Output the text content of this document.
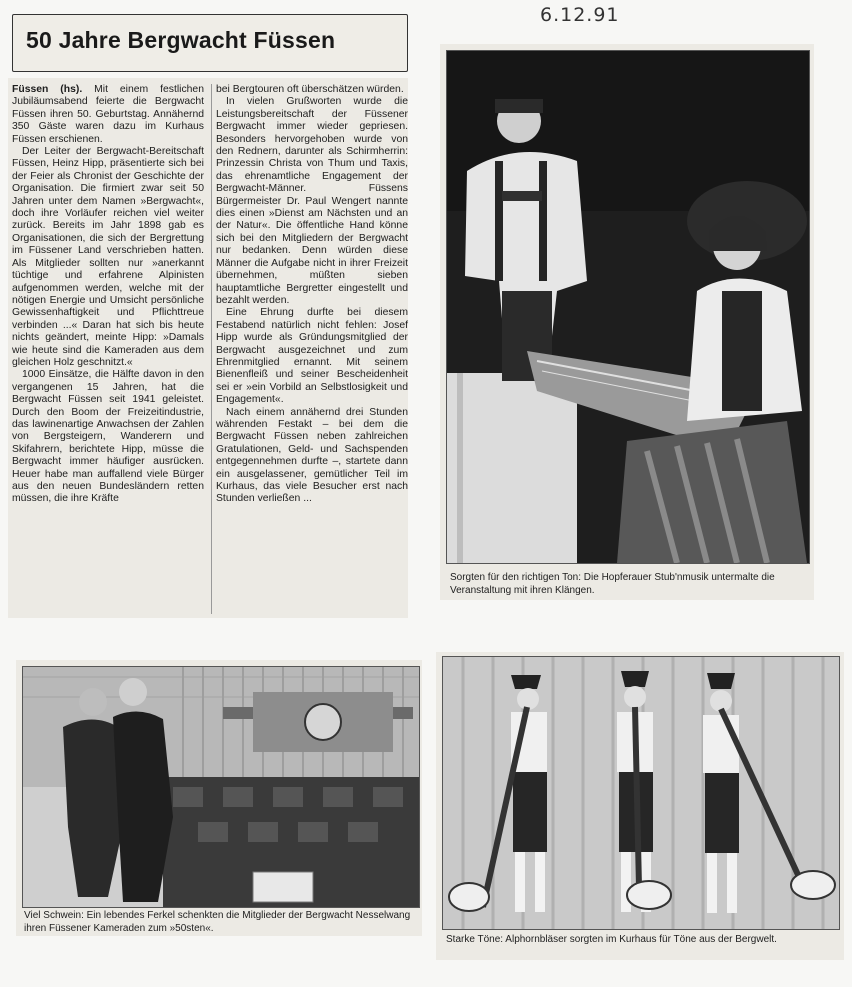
6.12.91
50 Jahre Bergwacht Füssen

Füssen (hs). Mit einem festlichen Jubiläumsabend feierte die Bergwacht Füssen ihren 50. Geburtstag. Annähernd 350 Gäste waren dazu im Kurhaus Füssen erschienen.

Der Leiter der Bergwacht-Bereitschaft Füssen, Heinz Hipp, präsentierte sich bei der Feier als Chronist der Geschichte der Organisation. Die firmiert zwar seit 50 Jahren unter dem Namen »Bergwacht«, doch ihre Vorläufer reichen viel weiter zurück. Bereits im Jahr 1898 gab es Organisationen, die sich der Bergrettung im Füssener Land verschrieben hatten. Als Mitglieder sollten nur »anerkannt tüchtige und erfahrene Alpinisten aufgenommen werden, welche mit der nötigen Energie und Umsicht persönliche Gewissenhaftigkeit und Pflichttreue verbinden ...« Daran hat sich bis heute nichts geändert, meinte Hipp: »Damals wie heute sind die Kameraden aus dem gleichen Holz geschnitzt.«

1000 Einsätze, die Hälfte davon in den vergangenen 15 Jahren, hat die Bergwacht Füssen seit 1941 geleistet. Durch den Boom der Freizeitindustrie, das lawinenartige Anwachsen der Zahlen von Bergsteigern, Wanderern und Skifahrern, berichtete Hipp, müsse die Bergwacht immer häufiger ausrücken. Heuer habe man auffallend viele Bürger aus den neuen Bundesländern retten müssen, die ihre Kräfte

bei Bergtouren oft überschätzen würden.

In vielen Grußworten wurde die Leistungsbereitschaft der Füssener Bergwacht immer wieder gepriesen. Besonders hervorgehoben wurde von den Rednern, darunter als Schirmherrin: Prinzessin Christa von Thum und Taxis, das ehrenamtliche Engagement der Bergwacht-Männer. Füssens Bürgermeister Dr. Paul Wengert nannte dies einen »Dienst am Nächsten und an der Natur«. Die öffentliche Hand könne sich bei den Mitgliedern der Bergwacht nur bedanken. Denn würden diese Männer die Aufgabe nicht in ihrer Freizeit übernehmen, müßten sieben hauptamtliche Bergretter eingestellt und bezahlt werden.

Eine Ehrung durfte bei diesem Festabend natürlich nicht fehlen: Josef Hipp wurde als Gründungsmitglied der Bergwacht ausgezeichnet und zum Ehrenmitglied ernannt. Mit seinem Bienenfleiß und seiner Bescheidenheit sei er »ein Vorbild an Selbstlosigkeit und Engagement«.

Nach einem annähernd drei Stunden währenden Festakt – bei dem die Bergwacht Füssen neben zahlreichen Gratulationen, Geld- und Sachspenden entgegennehmen durfte –, startete dann ein ausgelassener, gemütlicher Teil im Kurhaus, das viele Besucher erst nach Stunden verließen ...

Sorgten für den richtigen Ton: Die Hopferauer Stub'nmusik untermalte die Veranstaltung mit ihren Klängen.
Viel Schwein: Ein lebendes Ferkel schenkten die Mitglieder der Bergwacht Nesselwang ihren Füssener Kameraden zum »50sten«.
Starke Töne: Alphornbläser sorgten im Kurhaus für Töne aus der Bergwelt.
